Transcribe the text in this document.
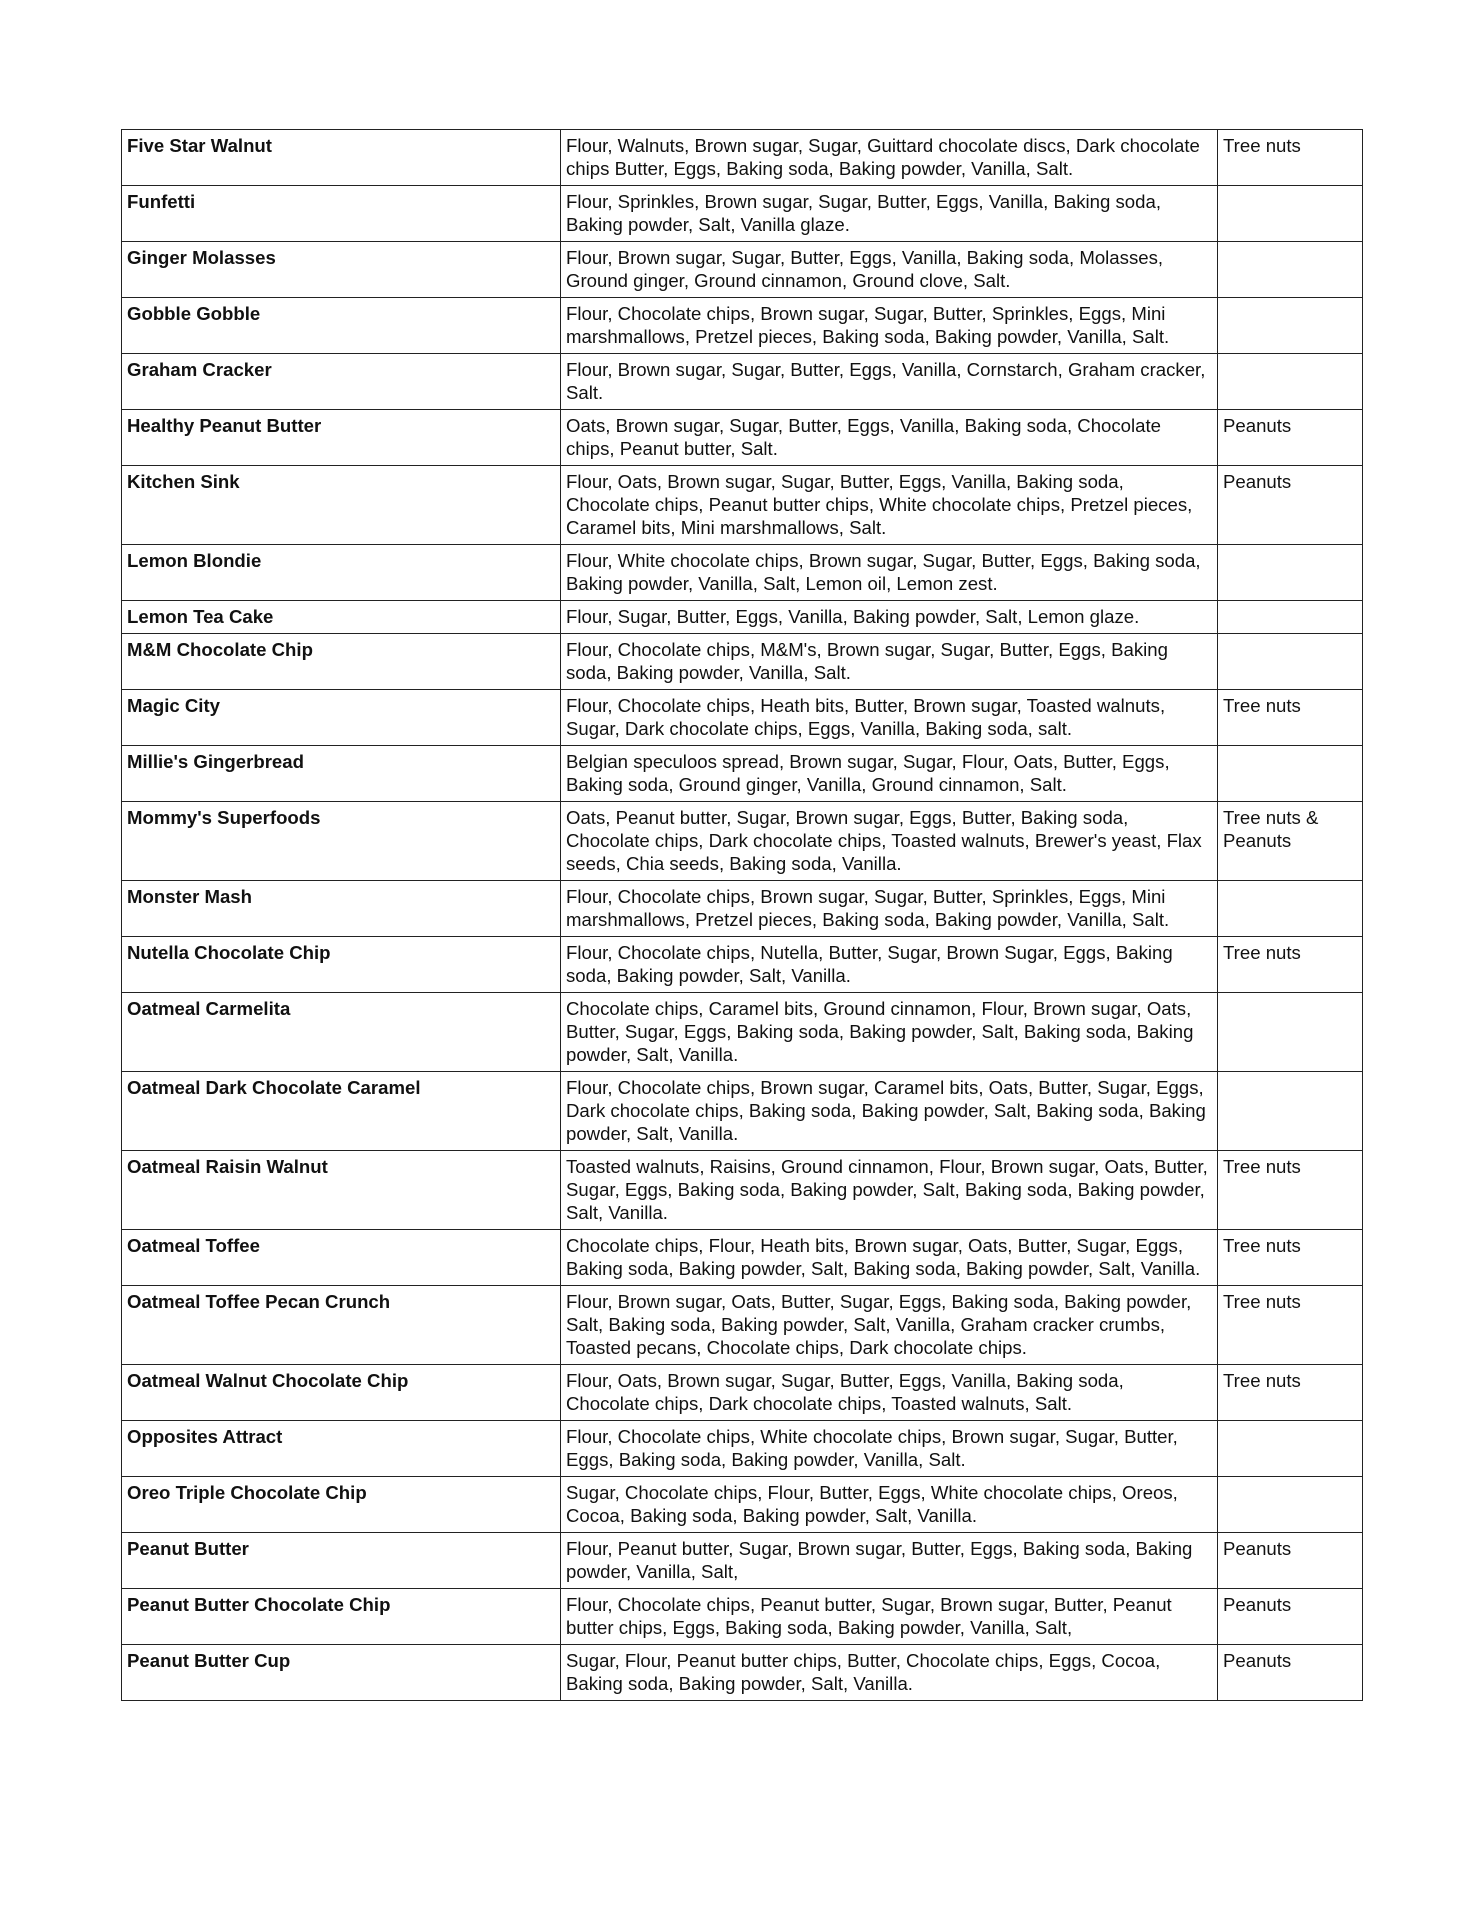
Five Star Walnut	Flour, Walnuts, Brown sugar, Sugar, Guittard chocolate discs, Dark chocolate chips Butter, Eggs, Baking soda, Baking powder, Vanilla, Salt.	Tree nuts
Funfetti	Flour, Sprinkles, Brown sugar, Sugar, Butter, Eggs, Vanilla, Baking soda, Baking powder, Salt, Vanilla glaze.	
Ginger Molasses	Flour, Brown sugar, Sugar, Butter, Eggs, Vanilla, Baking soda, Molasses, Ground ginger, Ground cinnamon, Ground clove, Salt.	
Gobble Gobble	Flour, Chocolate chips, Brown sugar, Sugar, Butter, Sprinkles, Eggs, Mini marshmallows, Pretzel pieces, Baking soda, Baking powder, Vanilla, Salt.	
Graham Cracker	Flour, Brown sugar, Sugar, Butter, Eggs, Vanilla, Cornstarch, Graham cracker, Salt.	
Healthy Peanut Butter	Oats, Brown sugar, Sugar, Butter, Eggs, Vanilla, Baking soda, Chocolate chips, Peanut butter, Salt.	Peanuts
Kitchen Sink	Flour, Oats, Brown sugar, Sugar, Butter, Eggs, Vanilla, Baking soda, Chocolate chips, Peanut butter chips, White chocolate chips, Pretzel pieces, Caramel bits, Mini marshmallows, Salt.	Peanuts
Lemon Blondie	Flour, White chocolate chips, Brown sugar, Sugar, Butter, Eggs, Baking soda, Baking powder, Vanilla, Salt, Lemon oil, Lemon zest.	
Lemon Tea Cake	Flour, Sugar, Butter, Eggs, Vanilla, Baking powder, Salt, Lemon glaze.	
M&M Chocolate Chip	Flour, Chocolate chips, M&M's, Brown sugar, Sugar, Butter, Eggs, Baking soda, Baking powder, Vanilla, Salt.	
Magic City	Flour, Chocolate chips, Heath bits, Butter, Brown sugar, Toasted walnuts, Sugar, Dark chocolate chips, Eggs, Vanilla, Baking soda, salt.	Tree nuts
Millie's Gingerbread	Belgian speculoos spread, Brown sugar, Sugar, Flour, Oats, Butter, Eggs, Baking soda, Ground ginger, Vanilla, Ground cinnamon, Salt.	
Mommy's Superfoods	Oats, Peanut butter, Sugar, Brown sugar, Eggs, Butter, Baking soda, Chocolate chips, Dark chocolate chips, Toasted walnuts, Brewer's yeast, Flax seeds, Chia seeds, Baking soda, Vanilla.	Tree nuts & Peanuts
Monster Mash	Flour, Chocolate chips, Brown sugar, Sugar, Butter, Sprinkles, Eggs, Mini marshmallows, Pretzel pieces, Baking soda, Baking powder, Vanilla, Salt.	
Nutella Chocolate Chip	Flour, Chocolate chips, Nutella, Butter, Sugar, Brown Sugar, Eggs, Baking soda, Baking powder, Salt, Vanilla.	Tree nuts
Oatmeal Carmelita	Chocolate chips, Caramel bits, Ground cinnamon, Flour, Brown sugar, Oats, Butter, Sugar, Eggs, Baking soda, Baking powder, Salt, Baking soda, Baking powder, Salt, Vanilla.	
Oatmeal Dark Chocolate Caramel	Flour, Chocolate chips, Brown sugar, Caramel bits, Oats, Butter, Sugar, Eggs, Dark chocolate chips, Baking soda, Baking powder, Salt, Baking soda, Baking powder, Salt, Vanilla.	
Oatmeal Raisin Walnut	Toasted walnuts, Raisins, Ground cinnamon, Flour, Brown sugar, Oats, Butter, Sugar, Eggs, Baking soda, Baking powder, Salt, Baking soda, Baking powder, Salt, Vanilla.	Tree nuts
Oatmeal Toffee	Chocolate chips, Flour, Heath bits, Brown sugar, Oats, Butter, Sugar, Eggs, Baking soda, Baking powder, Salt, Baking soda, Baking powder, Salt, Vanilla.	Tree nuts
Oatmeal Toffee Pecan Crunch	Flour, Brown sugar, Oats, Butter, Sugar, Eggs, Baking soda, Baking powder, Salt, Baking soda, Baking powder, Salt, Vanilla, Graham cracker crumbs, Toasted pecans, Chocolate chips, Dark chocolate chips.	Tree nuts
Oatmeal Walnut Chocolate Chip	Flour, Oats, Brown sugar, Sugar, Butter, Eggs, Vanilla, Baking soda, Chocolate chips, Dark chocolate chips, Toasted walnuts, Salt.	Tree nuts
Opposites Attract	Flour, Chocolate chips, White chocolate chips, Brown sugar, Sugar, Butter, Eggs, Baking soda, Baking powder, Vanilla, Salt.	
Oreo Triple Chocolate Chip	Sugar, Chocolate chips, Flour, Butter, Eggs, White chocolate chips, Oreos, Cocoa, Baking soda, Baking powder, Salt, Vanilla.	
Peanut Butter	Flour, Peanut butter, Sugar, Brown sugar, Butter, Eggs, Baking soda, Baking powder, Vanilla, Salt,	Peanuts
Peanut Butter Chocolate Chip	Flour, Chocolate chips, Peanut butter, Sugar, Brown sugar, Butter, Peanut butter chips, Eggs, Baking soda, Baking powder, Vanilla, Salt,	Peanuts
Peanut Butter Cup	Sugar, Flour, Peanut butter chips, Butter, Chocolate chips, Eggs, Cocoa, Baking soda, Baking powder, Salt, Vanilla.	Peanuts
